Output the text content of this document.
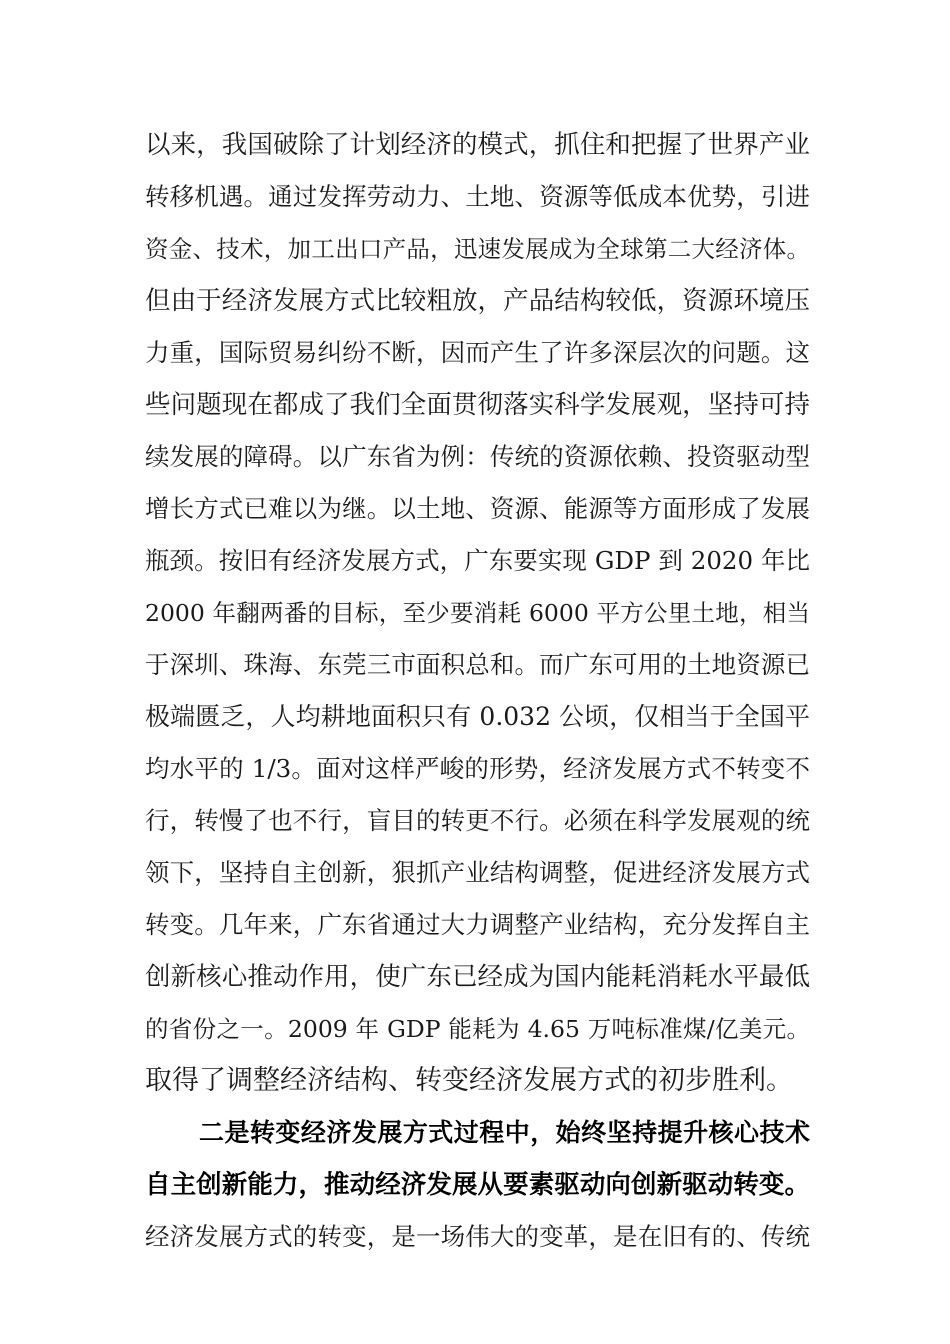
以来，我国破除了计划经济的模式，抓住和把握了世界产业
转移机遇。通过发挥劳动力、土地、资源等低成本优势，引进
资金、技术，加工出口产品，迅速发展成为全球第二大经济体。
但由于经济发展方式比较粗放，产品结构较低，资源环境压
力重，国际贸易纠纷不断，因而产生了许多深层次的问题。这
些问题现在都成了我们全面贯彻落实科学发展观，坚持可持
续发展的障碍。以广东省为例：传统的资源依赖、投资驱动型
增长方式已难以为继。以土地、资源、能源等方面形成了发展
瓶颈。按旧有经济发展方式，广东要实现 GDP 到 2020 年比
2000 年翻两番的目标，至少要消耗 6000 平方公里土地，相当
于深圳、珠海、东莞三市面积总和。而广东可用的土地资源已
极端匮乏，人均耕地面积只有 0.032 公顷，仅相当于全国平
均水平的 1/3。面对这样严峻的形势，经济发展方式不转变不
行，转慢了也不行，盲目的转更不行。必须在科学发展观的统
领下，坚持自主创新，狠抓产业结构调整，促进经济发展方式
转变。几年来，广东省通过大力调整产业结构，充分发挥自主
创新核心推动作用，使广东已经成为国内能耗消耗水平最低
的省份之一。2009 年 GDP 能耗为 4.65 万吨标准煤/亿美元。
取得了调整经济结构、转变经济发展方式的初步胜利。
二是转变经济发展方式过程中，始终坚持提升核心技术
自主创新能力，推动经济发展从要素驱动向创新驱动转变。
经济发展方式的转变，是一场伟大的变革，是在旧有的、传统
